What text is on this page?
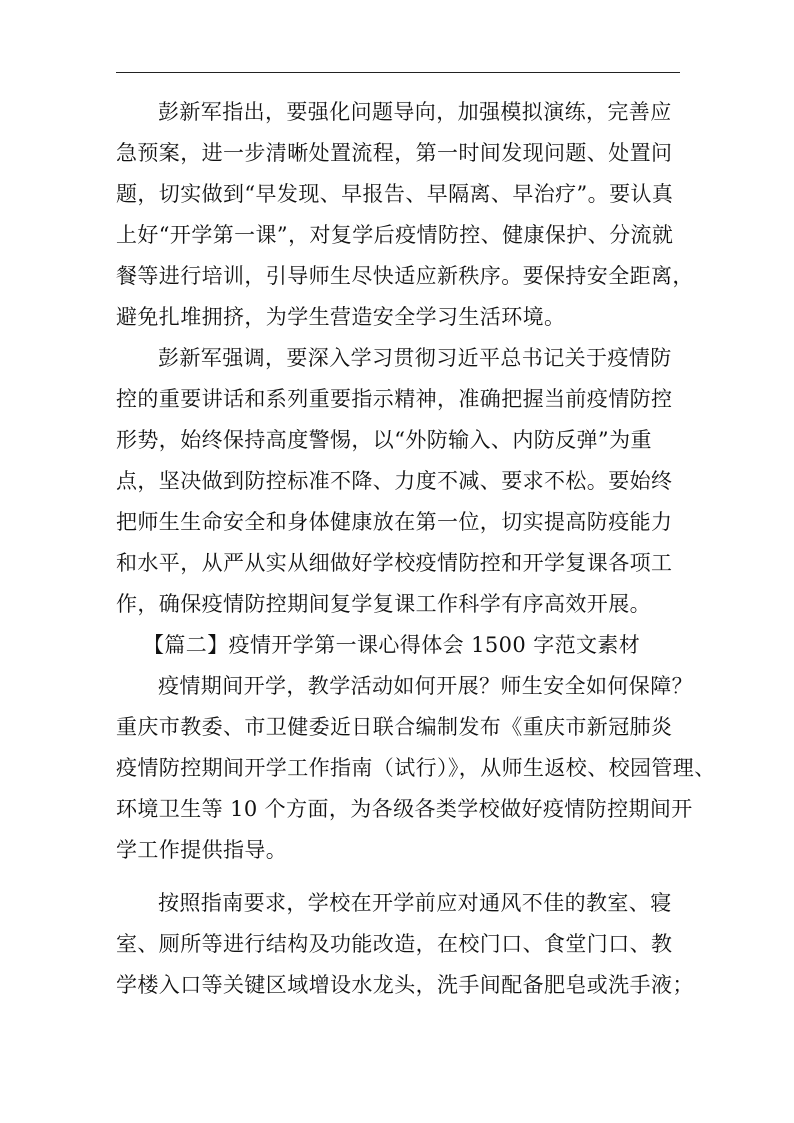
彭新军指出，要强化问题导向，加强模拟演练，完善应
急预案，进一步清晰处置流程，第一时间发现问题、处置问
题，切实做到“早发现、早报告、早隔离、早治疗”。要认真
上好“开学第一课”，对复学后疫情防控、健康保护、分流就
餐等进行培训，引导师生尽快适应新秩序。要保持安全距离，
避免扎堆拥挤，为学生营造安全学习生活环境。
彭新军强调，要深入学习贯彻习近平总书记关于疫情防
控的重要讲话和系列重要指示精神，准确把握当前疫情防控
形势，始终保持高度警惕，以“外防输入、内防反弹”为重
点，坚决做到防控标准不降、力度不减、要求不松。要始终
把师生生命安全和身体健康放在第一位，切实提高防疫能力
和水平，从严从实从细做好学校疫情防控和开学复课各项工
作，确保疫情防控期间复学复课工作科学有序高效开展。
【篇二】疫情开学第一课心得体会 1500 字范文素材
疫情期间开学，教学活动如何开展？师生安全如何保障？
重庆市教委、市卫健委近日联合编制发布《重庆市新冠肺炎
疫情防控期间开学工作指南（试行）》，从师生返校、校园管理、
环境卫生等 10 个方面，为各级各类学校做好疫情防控期间开
学工作提供指导。
按照指南要求，学校在开学前应对通风不佳的教室、寝
室、厕所等进行结构及功能改造，在校门口、食堂门口、教
学楼入口等关键区域增设水龙头，洗手间配备肥皂或洗手液；
